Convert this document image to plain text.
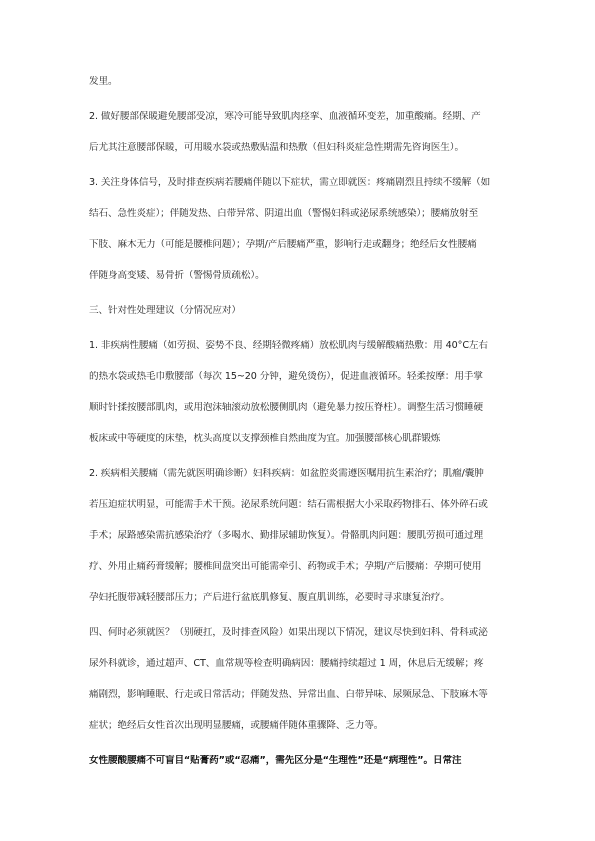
发里。
2. 做好腰部保暖避免腰部受凉，寒冷可能导致肌肉痉挛、血液循环变差，加重酸痛。经期、产
后尤其注意腰部保暖，可用暖水袋或热敷贴温和热敷（但妇科炎症急性期需先咨询医生）。
3. 关注身体信号，及时排查疾病若腰痛伴随以下症状，需立即就医：疼痛剧烈且持续不缓解（如
结石、急性炎症）；伴随发热、白带异常、阴道出血（警惕妇科或泌尿系统感染）；腰痛放射至
下肢、麻木无力（可能是腰椎问题）；孕期/产后腰痛严重，影响行走或翻身；绝经后女性腰痛
伴随身高变矮、易骨折（警惕骨质疏松）。
三、针对性处理建议（分情况应对）
1. 非疾病性腰痛（如劳损、姿势不良、经期轻微疼痛）放松肌肉与缓解酸痛热敷：用 40°C左右
的热水袋或热毛巾敷腰部（每次 15~20 分钟，避免烫伤），促进血液循环。轻柔按摩：用手掌
顺时针揉按腰部肌肉，或用泡沫轴滚动放松腰侧肌肉（避免暴力按压脊柱）。调整生活习惯睡硬
板床或中等硬度的床垫，枕头高度以支撑颈椎自然曲度为宜。加强腰部核心肌群锻炼
2. 疾病相关腰痛（需先就医明确诊断）妇科疾病：如盆腔炎需遵医嘱用抗生素治疗；肌瘤/囊肿
若压迫症状明显，可能需手术干预。泌尿系统问题：结石需根据大小采取药物排石、体外碎石或
手术；尿路感染需抗感染治疗（多喝水、勤排尿辅助恢复）。骨骼肌肉问题：腰肌劳损可通过理
疗、外用止痛药膏缓解；腰椎间盘突出可能需牵引、药物或手术；孕期/产后腰痛：孕期可使用
孕妇托腹带减轻腰部压力；产后进行盆底肌修复、腹直肌训练，必要时寻求康复治疗。
四、何时必须就医？（别硬扛，及时排查风险）如果出现以下情况，建议尽快到妇科、骨科或泌
尿外科就诊，通过超声、CT、血常规等检查明确病因：腰痛持续超过 1 周，休息后无缓解；疼
痛剧烈，影响睡眠、行走或日常活动；伴随发热、异常出血、白带异味、尿频尿急、下肢麻木等
症状；绝经后女性首次出现明显腰痛，或腰痛伴随体重骤降、乏力等。
女性腰酸腰痛不可盲目“贴膏药”或“忍痛”，需先区分是“生理性”还是“病理性”。日常注
